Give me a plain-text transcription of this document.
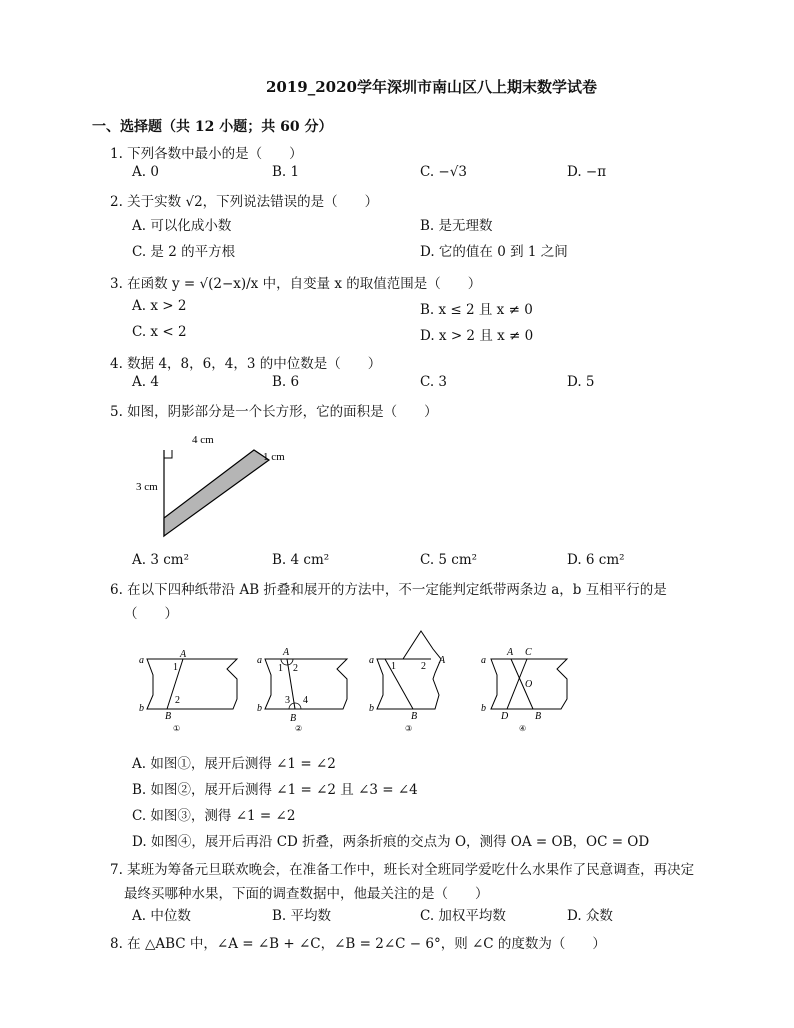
2019_2020学年深圳市南山区八上期末数学试卷
一、选择题（共 12 小题；共 60 分）
1. 下列各数中最小的是（　　）
A. 0	B. 1	C. −√3	D. −π
2. 关于实数 √2，下列说法错误的是（　　）
A. 可以化成小数	B. 是无理数
C. 是 2 的平方根	D. 它的值在 0 到 1 之间
3. 在函数 y = √(2−x)/x 中，自变量 x 的取值范围是（　　）
A. x > 2	B. x ≤ 2 且 x ≠ 0
C. x < 2	D. x > 2 且 x ≠ 0
4. 数据 4，8，6，4，3 的中位数是（　　）
A. 4	B. 6	C. 3	D. 5
5. 如图，阴影部分是一个长方形，它的面积是（　　）
4 cm
3 cm
1 cm
A. 3 cm²	B. 4 cm²	C. 5 cm²	D. 6 cm²
6. 在以下四种纸带沿 AB 折叠和展开的方法中，不一定能判定纸带两条边 a，b 互相平行的是
（　　）
a
b
A
B
1
2
①
a
b
A
B
1 2
3 4
②
a
b
A
B
1	2
③
a
b
A C
D	B
O
④
A. 如图①，展开后测得 ∠1 = ∠2
B. 如图②，展开后测得 ∠1 = ∠2 且 ∠3 = ∠4
C. 如图③，测得 ∠1 = ∠2
D. 如图④，展开后再沿 CD 折叠，两条折痕的交点为 O，测得 OA = OB，OC = OD
7. 某班为筹备元旦联欢晚会，在准备工作中，班长对全班同学爱吃什么水果作了民意调查，再决定
最终买哪种水果，下面的调查数据中，他最关注的是（　　）
A. 中位数	B. 平均数	C. 加权平均数	D. 众数
8. 在 △ABC 中，∠A = ∠B + ∠C，∠B = 2∠C − 6°，则 ∠C 的度数为（　　）
